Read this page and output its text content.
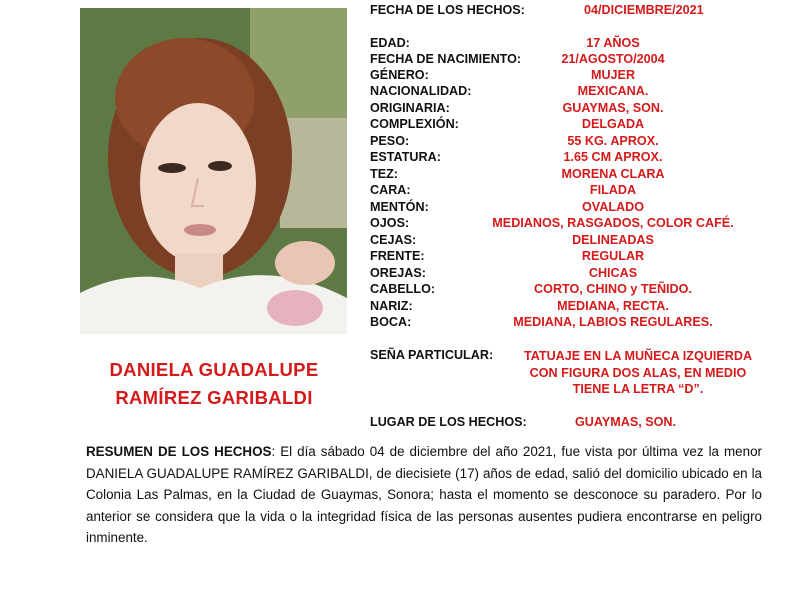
DANIELA GUADALUPE
RAMÍREZ GARIBALDI
FECHA DE LOS HECHOS:	04/DICIEMBRE/2021
EDAD:	17 AÑOS
FECHA DE NACIMIENTO:	21/AGOSTO/2004
GÉNERO:	MUJER
NACIONALIDAD:	MEXICANA.
ORIGINARIA:	GUAYMAS, SON.
COMPLEXIÓN:	DELGADA
PESO:	55 KG. APROX.
ESTATURA:	1.65 CM APROX.
TEZ:	MORENA CLARA
CARA:	FILADA
MENTÓN:	OVALADO
OJOS:	MEDIANOS, RASGADOS, COLOR CAFÉ.
CEJAS:	DELINEADAS
FRENTE:	REGULAR
OREJAS:	CHICAS
CABELLO:	CORTO, CHINO y TEÑIDO.
NARIZ:	MEDIANA, RECTA.
BOCA:	MEDIANA, LABIOS REGULARES.
SEÑA PARTICULAR:	TATUAJE EN LA MUÑECA IZQUIERDA CON FIGURA DOS ALAS, EN MEDIO TIENE LA LETRA “D”.
LUGAR DE LOS HECHOS:	GUAYMAS, SON.
RESUMEN DE LOS HECHOS: El día sábado 04 de diciembre del año 2021, fue vista por última vez la menor DANIELA GUADALUPE RAMÍREZ GARIBALDI, de diecisiete (17) años de edad, salió del domicilio ubicado en la Colonia Las Palmas, en la Ciudad de Guaymas, Sonora; hasta el momento se desconoce su paradero. Por lo anterior se considera que la vida o la integridad física de las personas ausentes pudiera encontrarse en peligro inminente.
